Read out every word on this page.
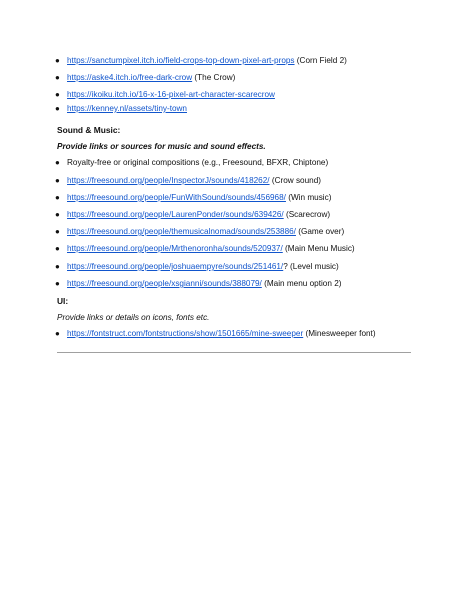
● https://sanctumpixel.itch.io/field-crops-top-down-pixel-art-props (Corn Field 2)
● https://aske4.itch.io/free-dark-crow (The Crow)
● https://ikoiku.itch.io/16-x-16-pixel-art-character-scarecrow
● https://kenney.nl/assets/tiny-town
Sound & Music:
Provide links or sources for music and sound effects.
● Royalty-free or original compositions (e.g., Freesound, BFXR, Chiptone)
● https://freesound.org/people/InspectorJ/sounds/418262/ (Crow sound)
● https://freesound.org/people/FunWithSound/sounds/456968/ (Win music)
● https://freesound.org/people/LaurenPonder/sounds/639426/ (Scarecrow)
● https://freesound.org/people/themusicalnomad/sounds/253886/ (Game over)
● https://freesound.org/people/Mrthenoronha/sounds/520937/ (Main Menu Music)
● https://freesound.org/people/joshuaempyre/sounds/251461/? (Level music)
● https://freesound.org/people/xsgianni/sounds/388079/ (Main menu option 2)
UI:
Provide links or details on icons, fonts etc.
● https://fontstruct.com/fontstructions/show/1501665/mine-sweeper (Minesweeper font)
